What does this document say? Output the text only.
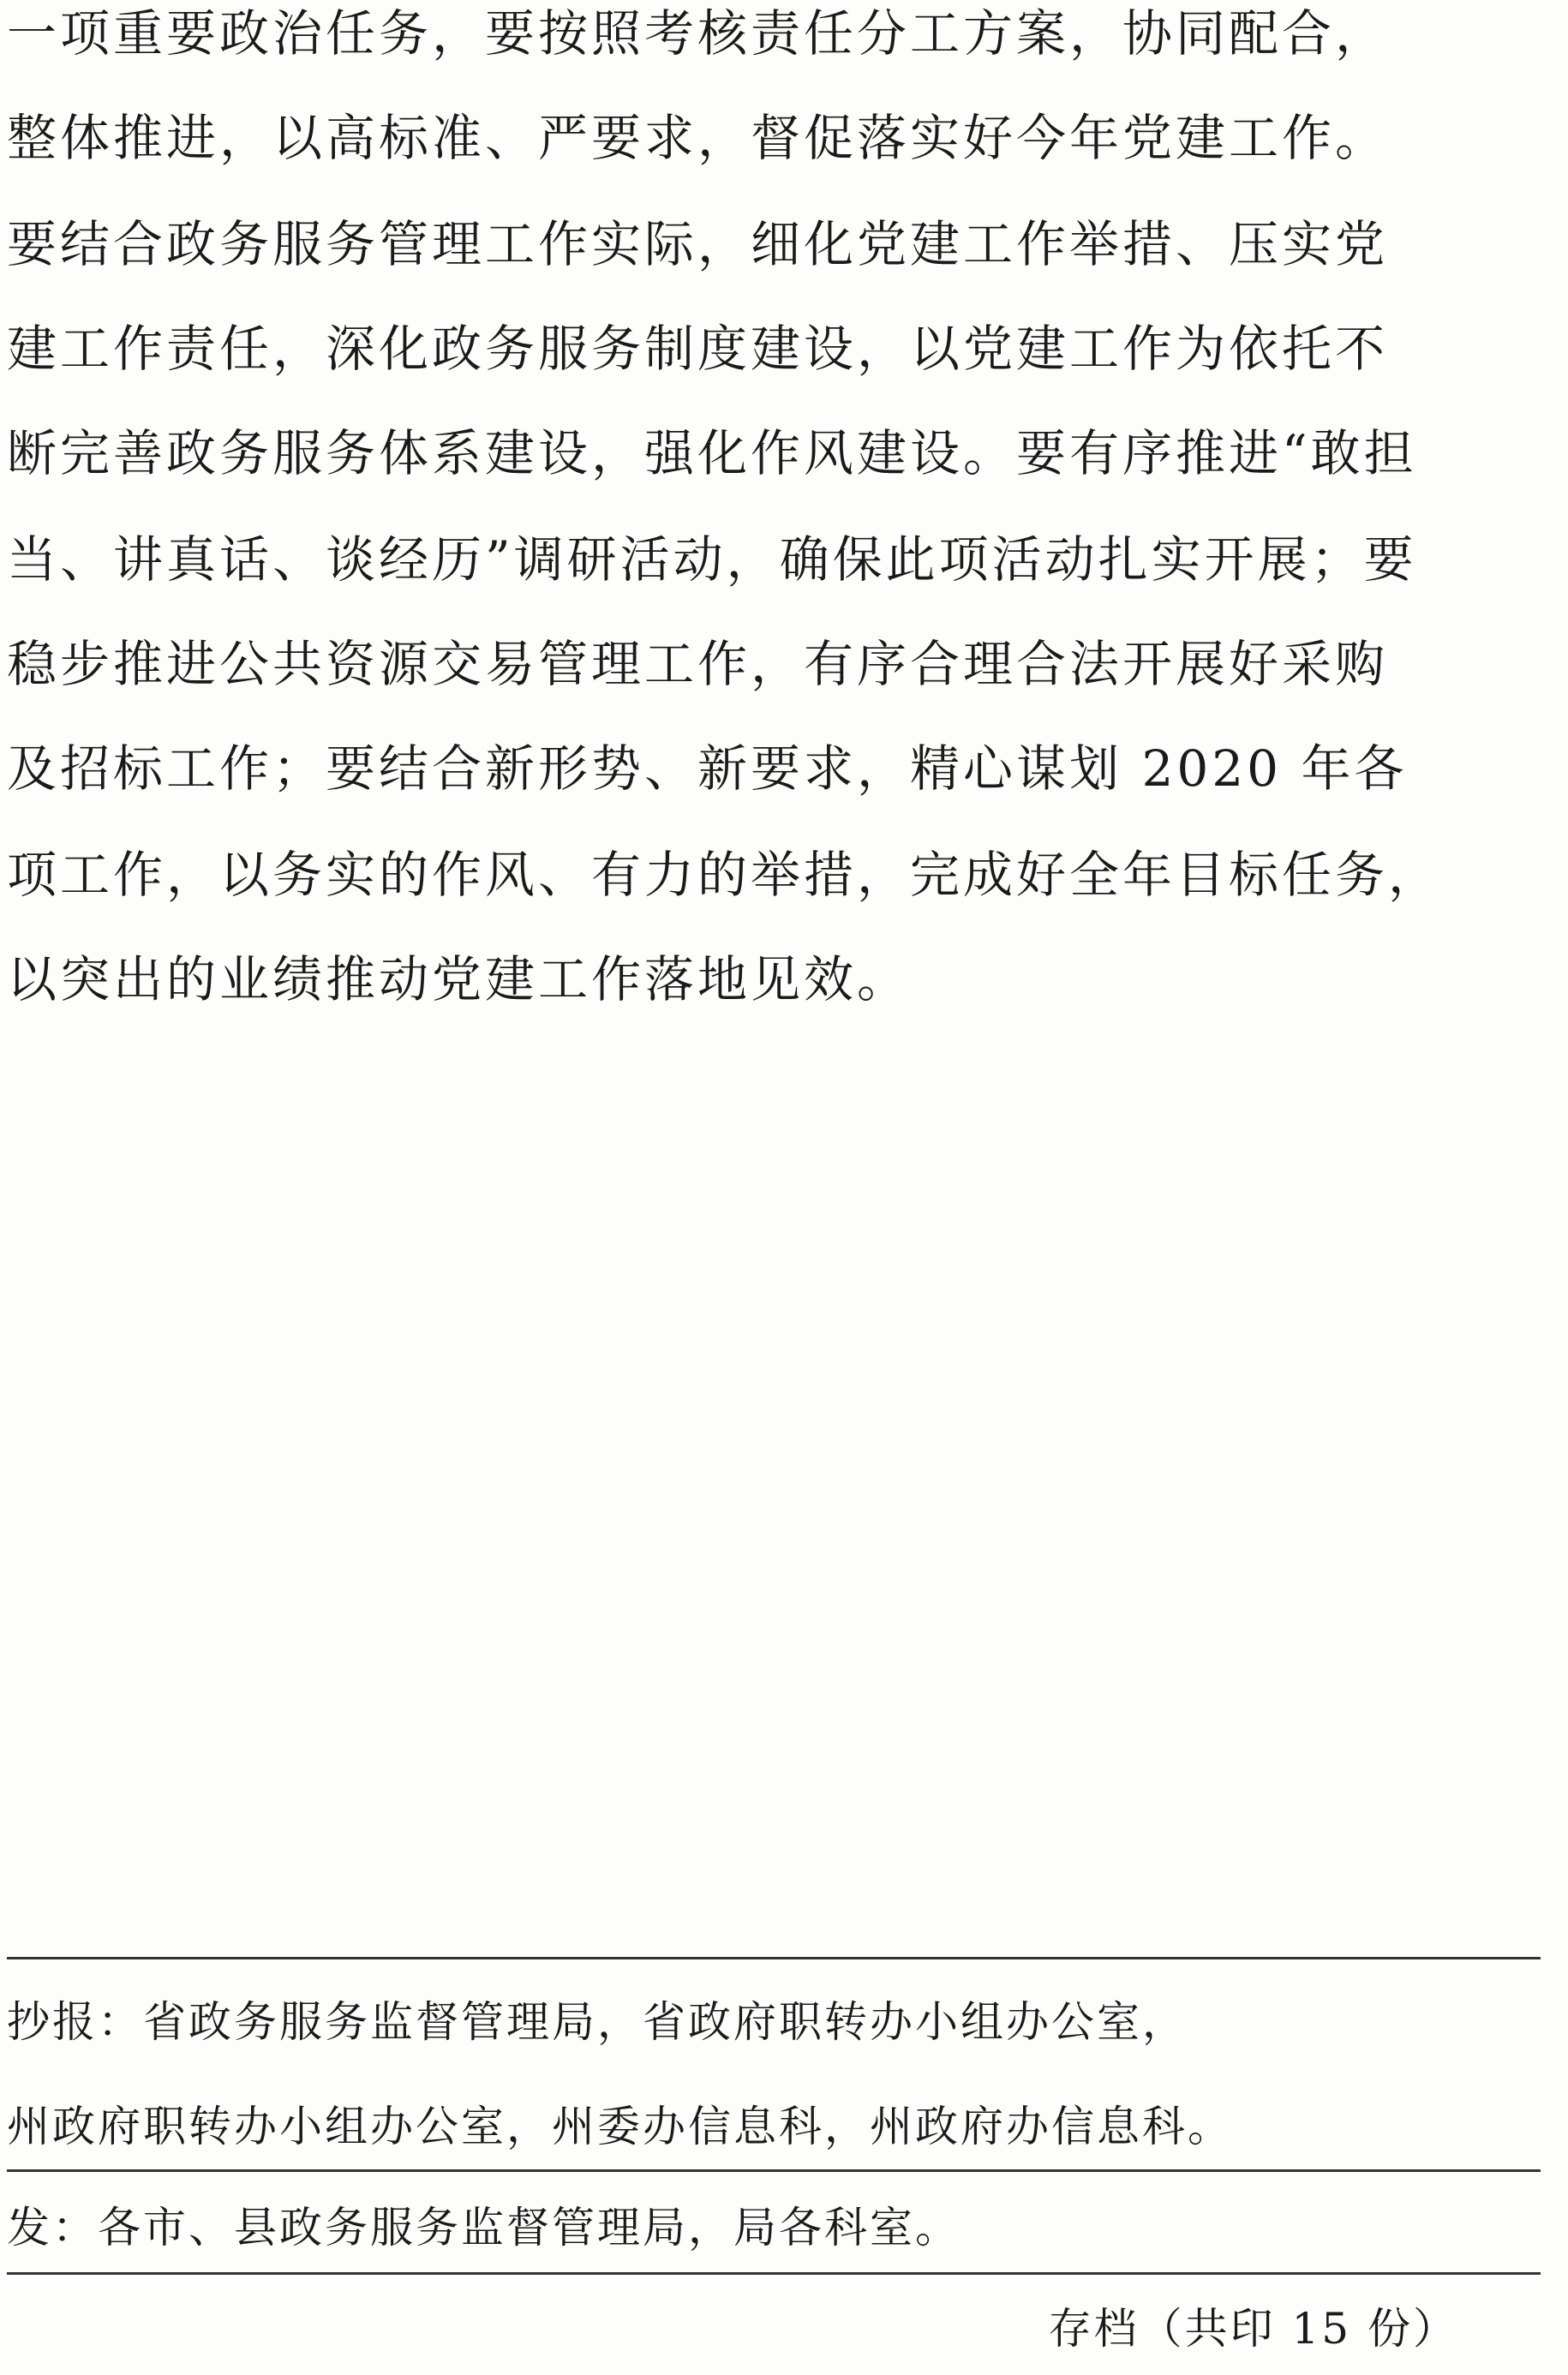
一项重要政治任务，要按照考核责任分工方案，协同配合，
整体推进，以高标准、严要求，督促落实好今年党建工作。
要结合政务服务管理工作实际，细化党建工作举措、压实党
建工作责任，深化政务服务制度建设，以党建工作为依托不
断完善政务服务体系建设，强化作风建设。要有序推进“敢担
当、讲真话、谈经历”调研活动，确保此项活动扎实开展；要
稳步推进公共资源交易管理工作，有序合理合法开展好采购
及招标工作；要结合新形势、新要求，精心谋划 2020 年各
项工作，以务实的作风、有力的举措，完成好全年目标任务，
以突出的业绩推动党建工作落地见效。
抄报：省政务服务监督管理局，省政府职转办小组办公室，
州政府职转办小组办公室，州委办信息科，州政府办信息科。
发：各市、县政务服务监督管理局，局各科室。
存档（共印 15 份）
